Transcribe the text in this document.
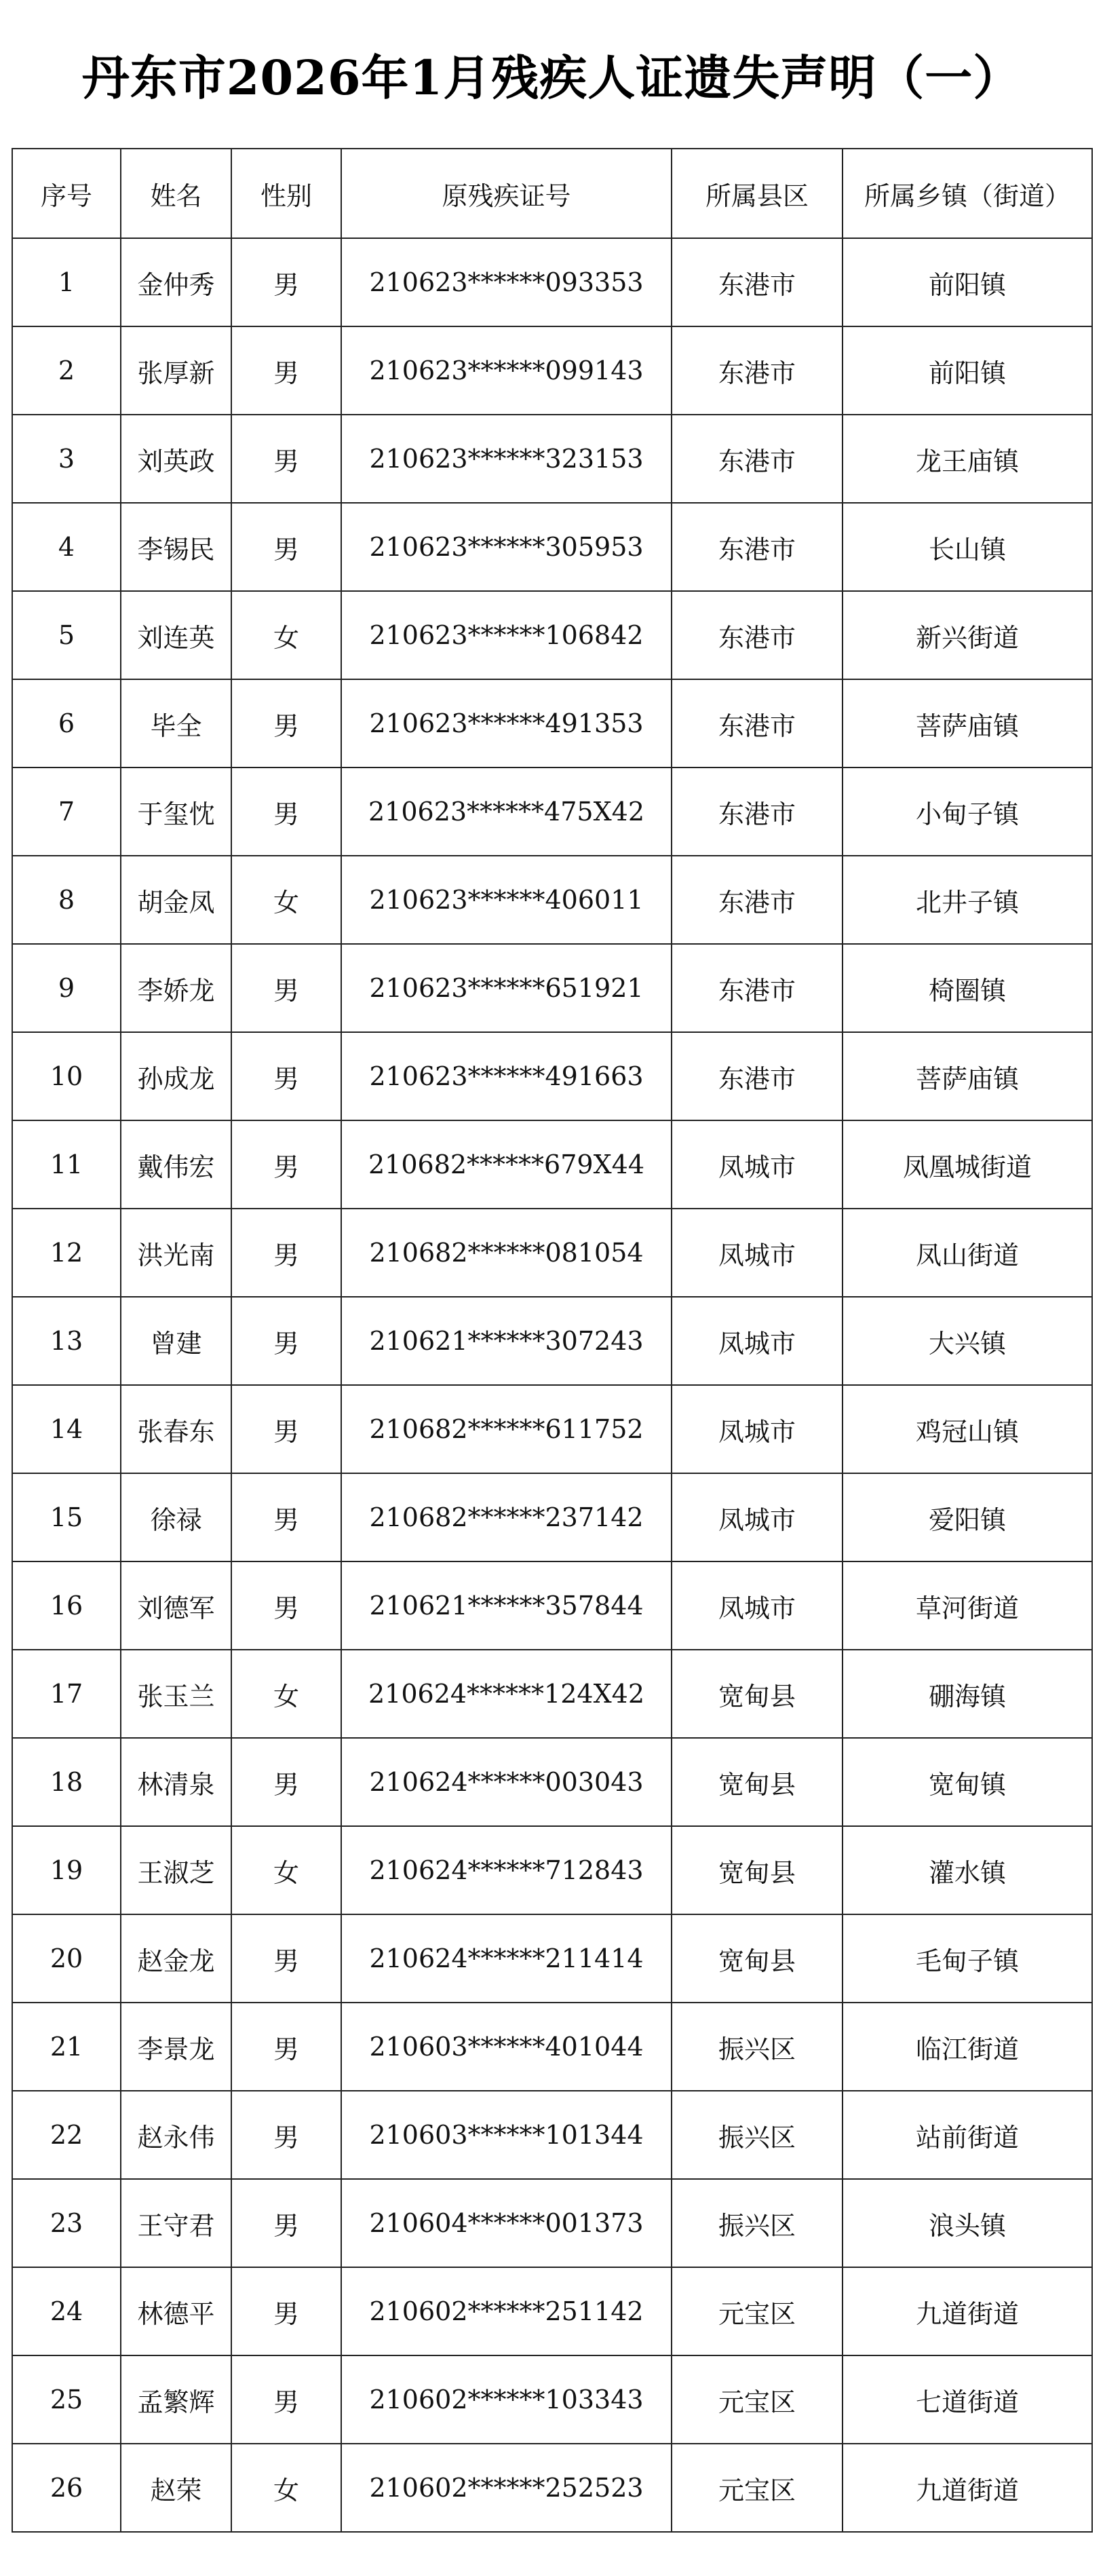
丹东市2026年1月残疾人证遗失声明（一）
序号	姓名	性别	原残疾证号	所属县区	所属乡镇（街道）
1	金仲秀	男	210623******093353	东港市	前阳镇
2	张厚新	男	210623******099143	东港市	前阳镇
3	刘英政	男	210623******323153	东港市	龙王庙镇
4	李锡民	男	210623******305953	东港市	长山镇
5	刘连英	女	210623******106842	东港市	新兴街道
6	毕全	男	210623******491353	东港市	菩萨庙镇
7	于玺忱	男	210623******475X42	东港市	小甸子镇
8	胡金凤	女	210623******406011	东港市	北井子镇
9	李娇龙	男	210623******651921	东港市	椅圈镇
10	孙成龙	男	210623******491663	东港市	菩萨庙镇
11	戴伟宏	男	210682******679X44	凤城市	凤凰城街道
12	洪光南	男	210682******081054	凤城市	凤山街道
13	曾建	男	210621******307243	凤城市	大兴镇
14	张春东	男	210682******611752	凤城市	鸡冠山镇
15	徐禄	男	210682******237142	凤城市	爱阳镇
16	刘德军	男	210621******357844	凤城市	草河街道
17	张玉兰	女	210624******124X42	宽甸县	硼海镇
18	林清泉	男	210624******003043	宽甸县	宽甸镇
19	王淑芝	女	210624******712843	宽甸县	灌水镇
20	赵金龙	男	210624******211414	宽甸县	毛甸子镇
21	李景龙	男	210603******401044	振兴区	临江街道
22	赵永伟	男	210603******101344	振兴区	站前街道
23	王守君	男	210604******001373	振兴区	浪头镇
24	林德平	男	210602******251142	元宝区	九道街道
25	孟繁辉	男	210602******103343	元宝区	七道街道
26	赵荣	女	210602******252523	元宝区	九道街道
